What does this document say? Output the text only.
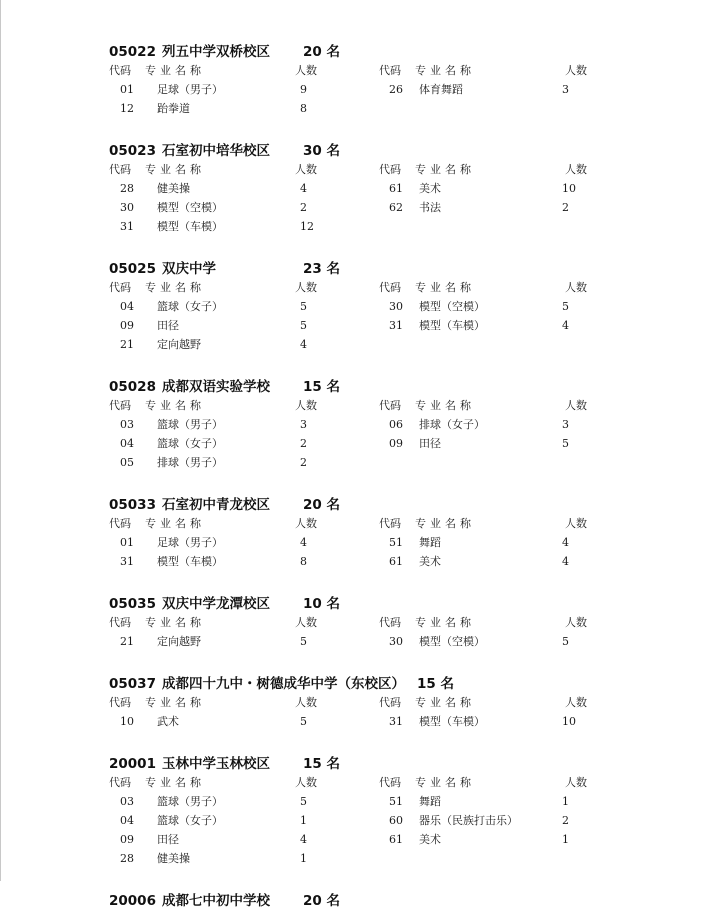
05022 列五中学双桥校区 20 名
代码 专业名称	人数	代码 专业名称	人数
01 足球（男子）	9	26 体育舞蹈	3
12 跆拳道	8
05023 石室初中培华校区 30 名
代码 专业名称	人数	代码 专业名称	人数
28 健美操	4	61 美术	10
30 模型（空模）	2	62 书法	2
31 模型（车模）	12
05025 双庆中学	23 名
代码 专业名称	人数	代码 专业名称	人数
04 篮球（女子）	5	30 模型（空模）	5
09 田径	5	31 模型（车模）	4
21 定向越野	4
05028 成都双语实验学校 15 名
代码 专业名称	人数	代码 专业名称	人数
03 篮球（男子）	3	06 排球（女子）	3
04 篮球（女子）	2	09 田径	5
05 排球（男子）	2
05033 石室初中青龙校区 20 名
代码 专业名称	人数	代码 专业名称	人数
01 足球（男子）	4	51 舞蹈	4
31 模型（车模）	8	61 美术	4
05035 双庆中学龙潭校区 10 名
代码 专业名称	人数	代码 专业名称	人数
21 定向越野	5	30 模型（空模）	5
05037 成都四十九中・树德成华中学（东校区） 15 名
代码 专业名称	人数	代码 专业名称	人数
10 武术	5	31 模型（车模）	10
20001 玉林中学玉林校区 15 名
代码 专业名称	人数	代码 专业名称	人数
03 篮球（男子）	5	51 舞蹈	1
04 篮球（女子）	1	60 器乐（民族打击乐）	2
09 田径	4	61 美术	1
28 健美操	1
20006 成都七中初中学校 20 名
